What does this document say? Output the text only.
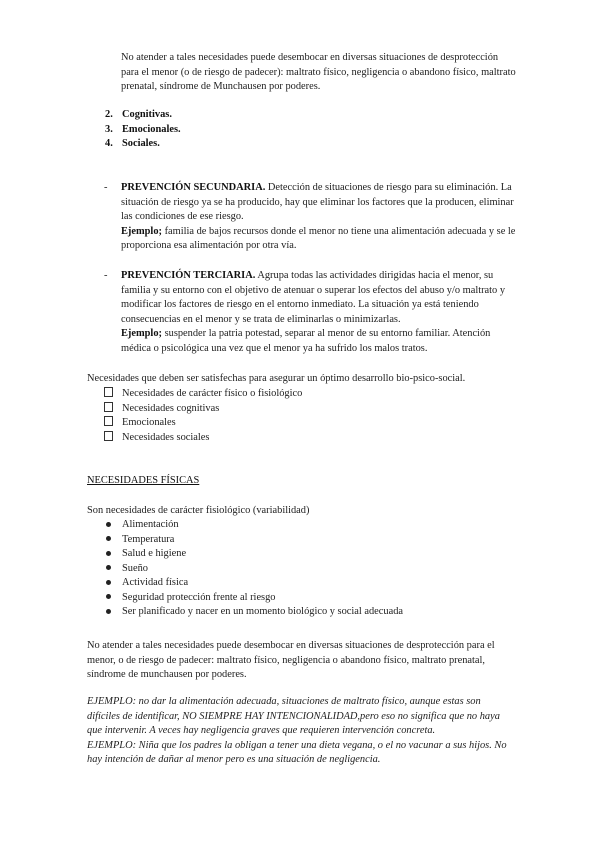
No atender a tales necesidades puede desembocar en diversas situaciones de desprotección
para el menor (o de riesgo de padecer): maltrato físico, negligencia o abandono físico, maltrato
prenatal, síndrome de Munchausen por poderes.
2. Cognitivas.
3. Emocionales.
4. Sociales.
- PREVENCIÓN SECUNDARIA. Detección de situaciones de riesgo para su eliminación. La
situación de riesgo ya se ha producido, hay que eliminar los factores que la producen, eliminar
las condiciones de ese riesgo.
Ejemplo; familia de bajos recursos donde el menor no tiene una alimentación adecuada y se le
proporciona esa alimentación por otra vía.
- PREVENCIÓN TERCIARIA. Agrupa todas las actividades dirigidas hacia el menor, su
familia y su entorno con el objetivo de atenuar o superar los efectos del abuso y/o maltrato y
modificar los factores de riesgo en el entorno inmediato. La situación ya está teniendo
consecuencias en el menor y se trata de eliminarlas o minimizarlas.
Ejemplo; suspender la patria potestad, separar al menor de su entorno familiar. Atención
médica o psicológica una vez que el menor ya ha sufrido los malos tratos.
Necesidades que deben ser satisfechas para asegurar un óptimo desarrollo bio-psico-social.
Necesidades de carácter físico o fisiológico
Necesidades cognitivas
Emocionales
Necesidades sociales
NECESIDADES FÍSICAS
Son necesidades de carácter fisiológico (variabilidad)
Alimentación
Temperatura
Salud e higiene
Sueño
Actividad física
Seguridad protección frente al riesgo
Ser planificado y nacer en un momento biológico y social adecuada
No atender a tales necesidades puede desembocar en diversas situaciones de desprotección para el
menor, o de riesgo de padecer: maltrato físico, negligencia o abandono físico, maltrato prenatal,
síndrome de munchausen por poderes.
EJEMPLO: no dar la alimentación adecuada, situaciones de maltrato físico, aunque estas son
difíciles de identificar, NO SIEMPRE HAY INTENCIONALIDAD,pero eso no significa que no haya
que intervenir. A veces hay negligencia graves que requieren intervención concreta.
EJEMPLO: Niña que los padres la obligan a tener una dieta vegana, o el no vacunar a sus hijos. No
hay intención de dañar al menor pero es una situación de negligencia.
